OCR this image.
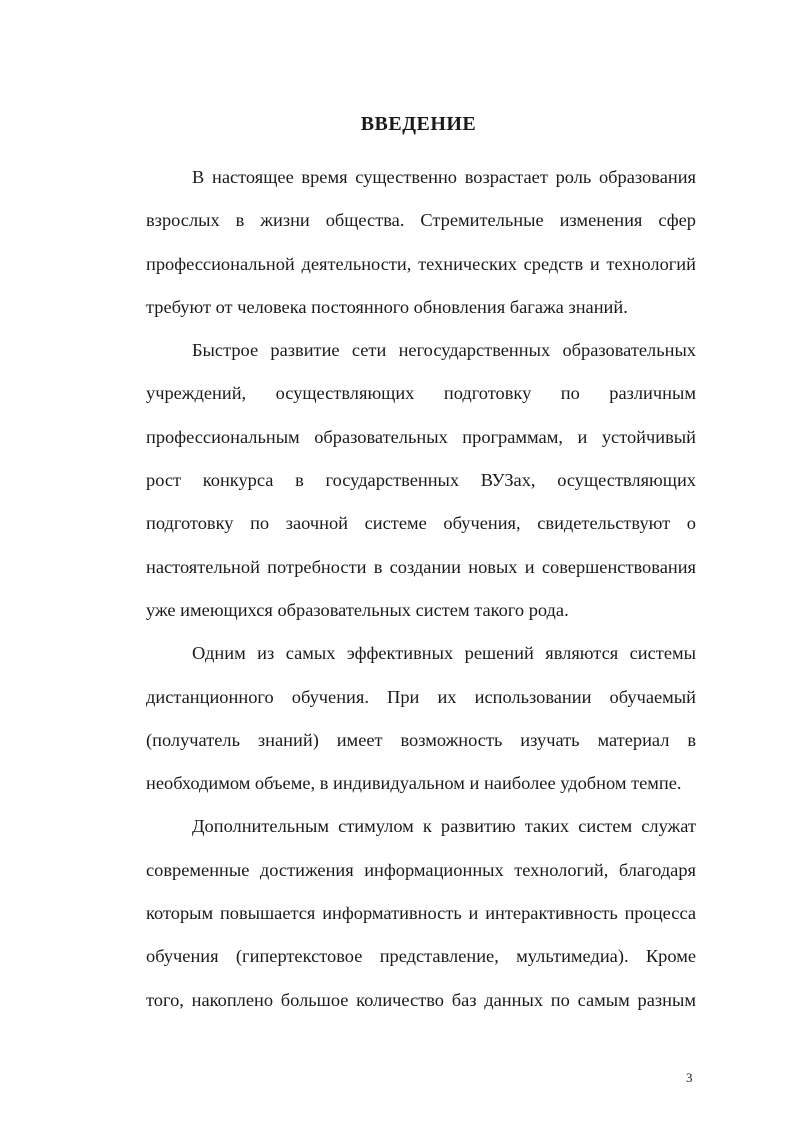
ВВЕДЕНИЕ
В настоящее время существенно возрастает роль образования
взрослых в жизни общества. Стремительные изменения сфер
профессиональной деятельности, технических средств и технологий
требуют от человека постоянного обновления багажа знаний.
Быстрое развитие сети негосударственных образовательных
учреждений, осуществляющих подготовку по различным
профессиональным образовательных программам, и устойчивый
рост конкурса в государственных ВУЗах, осуществляющих
подготовку по заочной системе обучения, свидетельствуют о
настоятельной потребности в создании новых и совершенствования
уже имеющихся образовательных систем такого рода.
Одним из самых эффективных решений являются системы
дистанционного обучения. При их использовании обучаемый
(получатель знаний) имеет возможность изучать материал в
необходимом объеме, в индивидуальном и наиболее удобном темпе.
Дополнительным стимулом к развитию таких систем служат
современные достижения информационных технологий, благодаря
которым повышается информативность и интерактивность процесса
обучения (гипертекстовое представление, мультимедиа). Кроме
того, накоплено большое количество баз данных по самым разным
3
